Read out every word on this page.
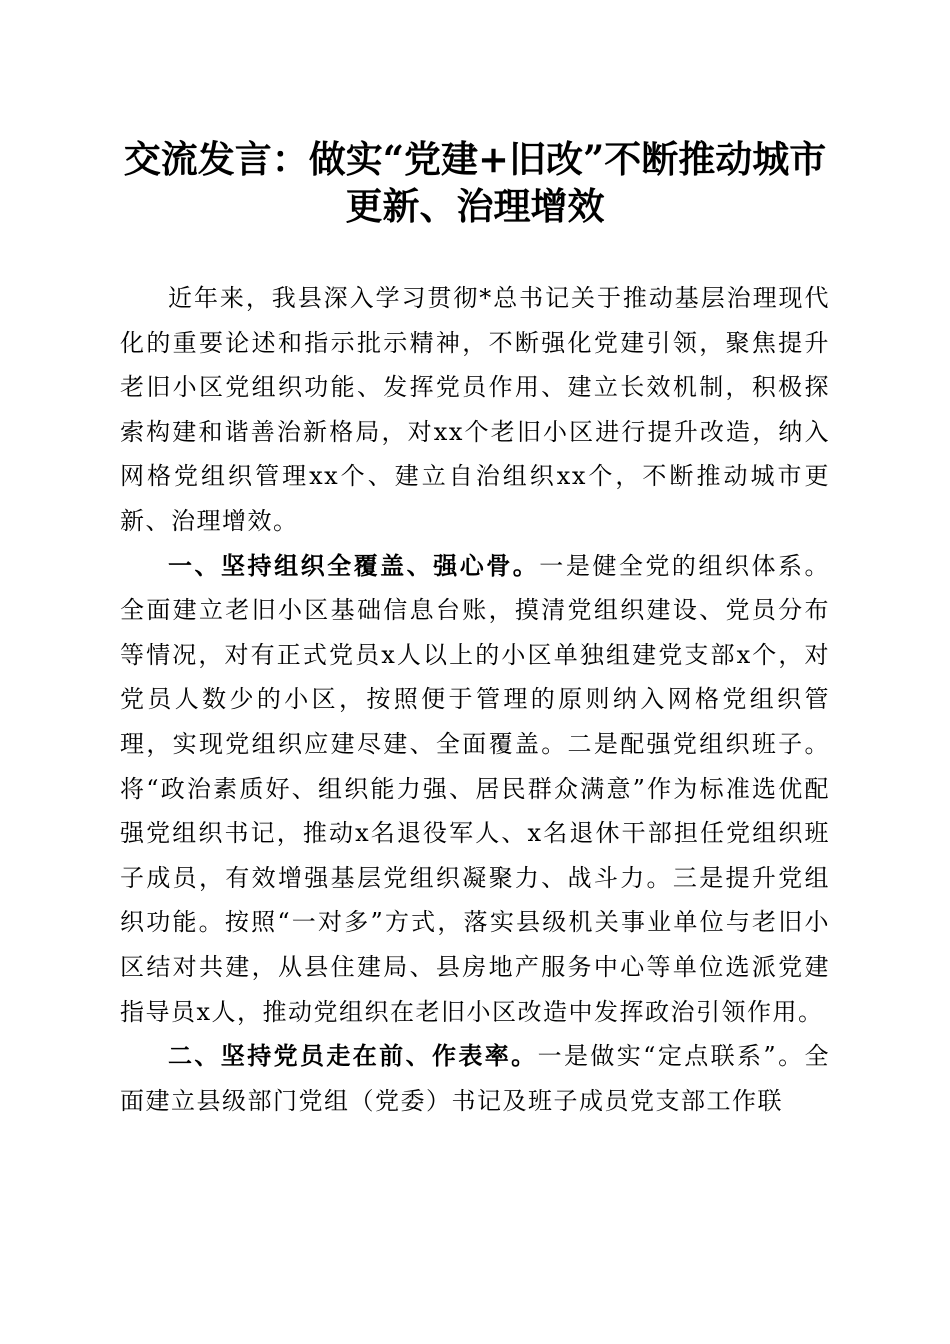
交流发言：做实“党建+旧改”不断推动城市
更新、治理增效

近年来，我县深入学习贯彻*总书记关于推动基层治理现代化的重要论述和指示批示精神，不断强化党建引领，聚焦提升老旧小区党组织功能、发挥党员作用、建立长效机制，积极探索构建和谐善治新格局，对xx个老旧小区进行提升改造，纳入网格党组织管理xx个、建立自治组织xx个，不断推动城市更新、治理增效。

一、坚持组织全覆盖、强心骨。一是健全党的组织体系。全面建立老旧小区基础信息台账，摸清党组织建设、党员分布等情况，对有正式党员x人以上的小区单独组建党支部x个，对党员人数少的小区，按照便于管理的原则纳入网格党组织管理，实现党组织应建尽建、全面覆盖。二是配强党组织班子。将“政治素质好、组织能力强、居民群众满意”作为标准选优配强党组织书记，推动x名退役军人、x名退休干部担任党组织班子成员，有效增强基层党组织凝聚力、战斗力。三是提升党组织功能。按照“一对多”方式，落实县级机关事业单位与老旧小区结对共建，从县住建局、县房地产服务中心等单位选派党建指导员x人，推动党组织在老旧小区改造中发挥政治引领作用。

二、坚持党员走在前、作表率。一是做实“定点联系”。全面建立县级部门党组（党委）书记及班子成员党支部工作联
